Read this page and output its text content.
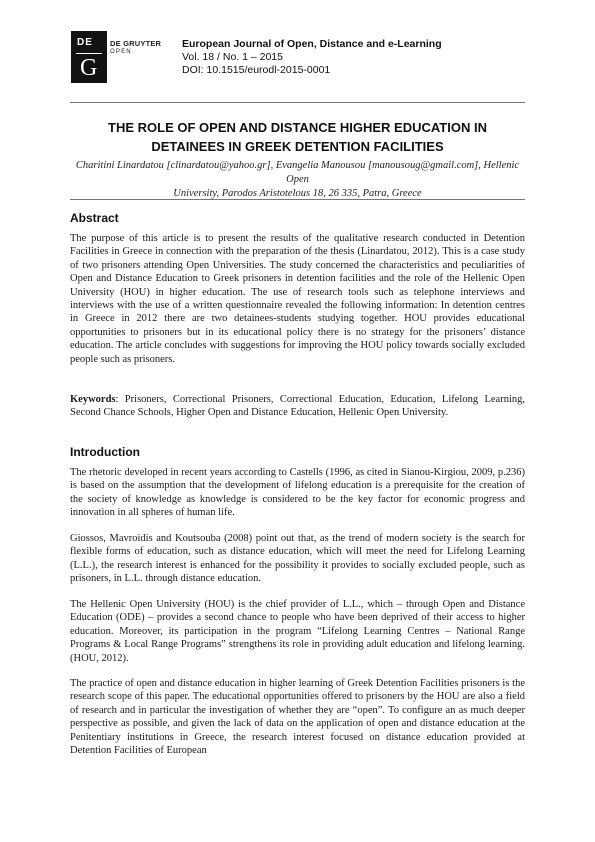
DE
G
DE GRUYTER
OPEN
European Journal of Open, Distance and e-Learning
Vol. 18 / No. 1 – 2015
DOI: 10.1515/eurodl-2015-0001
THE ROLE OF OPEN AND DISTANCE HIGHER EDUCATION IN
DETAINEES IN GREEK DETENTION FACILITIES
Charitini Linardatou [clinardatou@yahoo.gr], Evangelia Manousou [manousoug@gmail.com], Hellenic Open
University, Parodos Aristotelous 18, 26 335, Patra, Greece
Abstract
The purpose of this article is to present the results of the qualitative research conducted in Detention Facilities in Greece in connection with the preparation of the thesis (Linardatou, 2012). This is a case study of two prisoners attending Open Universities. The study concerned the characteristics and peculiarities of Open and Distance Education to Greek prisoners in detention facilities and the role of the Hellenic Open University (HOU) in higher education. The use of research tools such as telephone interviews and interviews with the use of a written questionnaire revealed the following information: In detention centres in Greece in 2012 there are two detainees-students studying together. HOU provides educational opportunities to prisoners but in its educational policy there is no strategy for the prisoners’ distance education. The article concludes with suggestions for improving the HOU policy towards socially excluded people such as prisoners.
Keywords: Prisoners, Correctional Prisoners, Correctional Education, Education, Lifelong Learning, Second Chance Schools, Higher Open and Distance Education, Hellenic Open University.
Introduction
The rhetoric developed in recent years according to Castells (1996, as cited in Sianou-Kirgiou, 2009, p.236) is based on the assumption that the development of lifelong education is a prerequisite for the creation of the society of knowledge as knowledge is considered to be the key factor for economic progress and innovation in all spheres of human life.
Giossos, Mavroidis and Koutsouba (2008) point out that, as the trend of modern society is the search for flexible forms of education, such as distance education, which will meet the need for Lifelong Learning (L.L.), the research interest is enhanced for the possibility it provides to socially excluded people, such as prisoners, in L.L. through distance education.
The Hellenic Open University (HOU) is the chief provider of L.L., which – through Open and Distance Education (ODE) – provides a second chance to people who have been deprived of their access to higher education. Moreover, its participation in the program “Lifelong Learning Centres – National Range Programs & Local Range Programs” strengthens its role in providing adult education and lifelong learning. (HOU, 2012).
The practice of open and distance education in higher learning of Greek Detention Facilities prisoners is the research scope of this paper. The educational opportunities offered to prisoners by the HOU are also a field of research and in particular the investigation of whether they are “open”. To configure an as much deeper perspective as possible, and given the lack of data on the application of open and distance education at the Penitentiary institutions in Greece, the research interest focused on distance education provided at Detention Facilities of European
